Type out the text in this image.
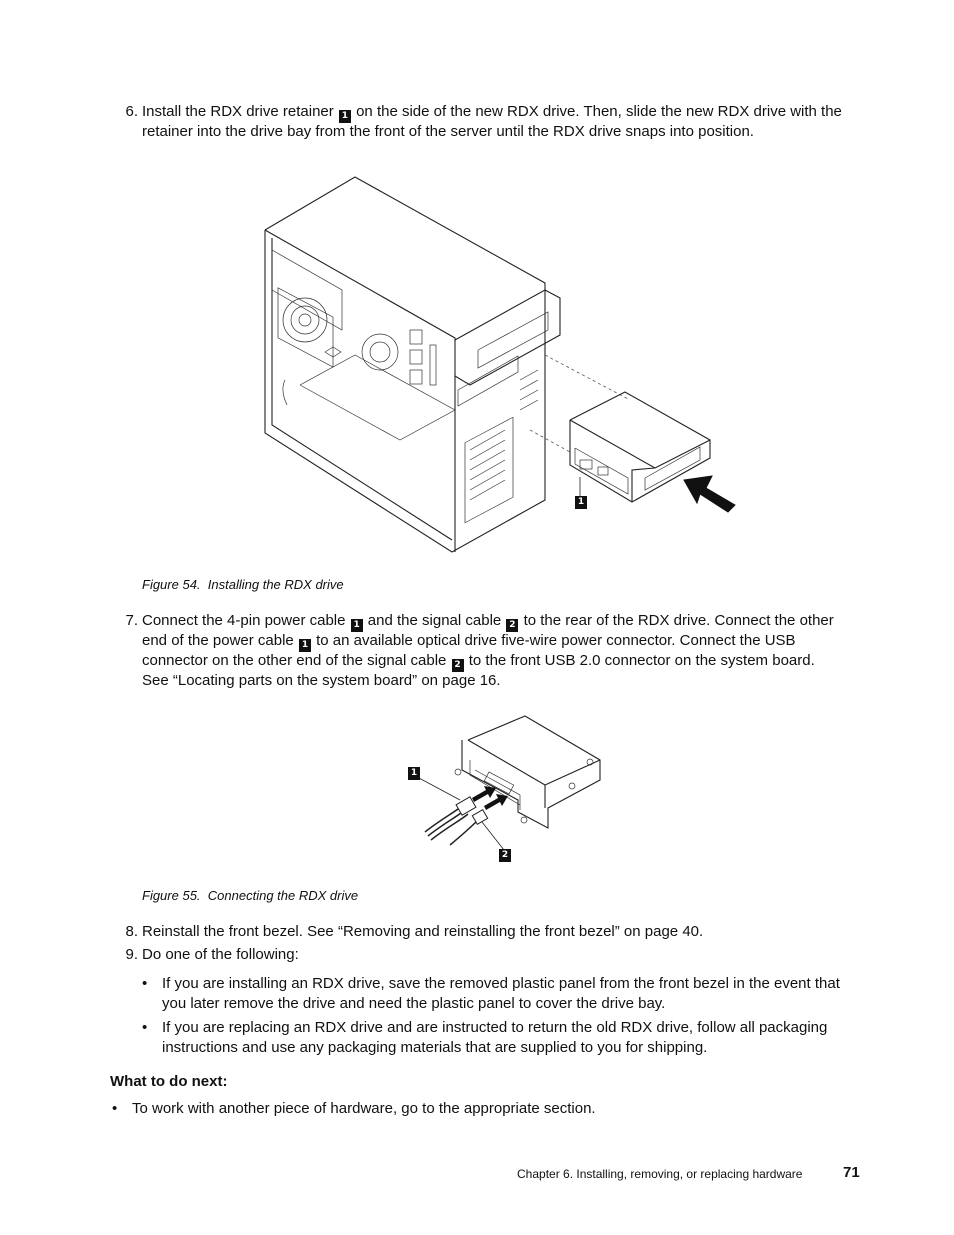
6. Install the RDX drive retainer 1 on the side of the new RDX drive. Then, slide the new RDX drive with the
retainer into the drive bay from the front of the server until the RDX drive snaps into position.
1
Figure 54. Installing the RDX drive
7. Connect the 4-pin power cable 1 and the signal cable 2 to the rear of the RDX drive. Connect the other
end of the power cable 1 to an available optical drive five-wire power connector. Connect the USB
connector on the other end of the signal cable 2 to the front USB 2.0 connector on the system board.
See “Locating parts on the system board” on page 16.
1
2
Figure 55. Connecting the RDX drive
8. Reinstall the front bezel. See “Removing and reinstalling the front bezel” on page 40.
9. Do one of the following:
• If you are installing an RDX drive, save the removed plastic panel from the front bezel in the event that
you later remove the drive and need the plastic panel to cover the drive bay.
• If you are replacing an RDX drive and are instructed to return the old RDX drive, follow all packaging
instructions and use any packaging materials that are supplied to you for shipping.
What to do next:
• To work with another piece of hardware, go to the appropriate section.
Chapter 6. Installing, removing, or replacing hardware	71
